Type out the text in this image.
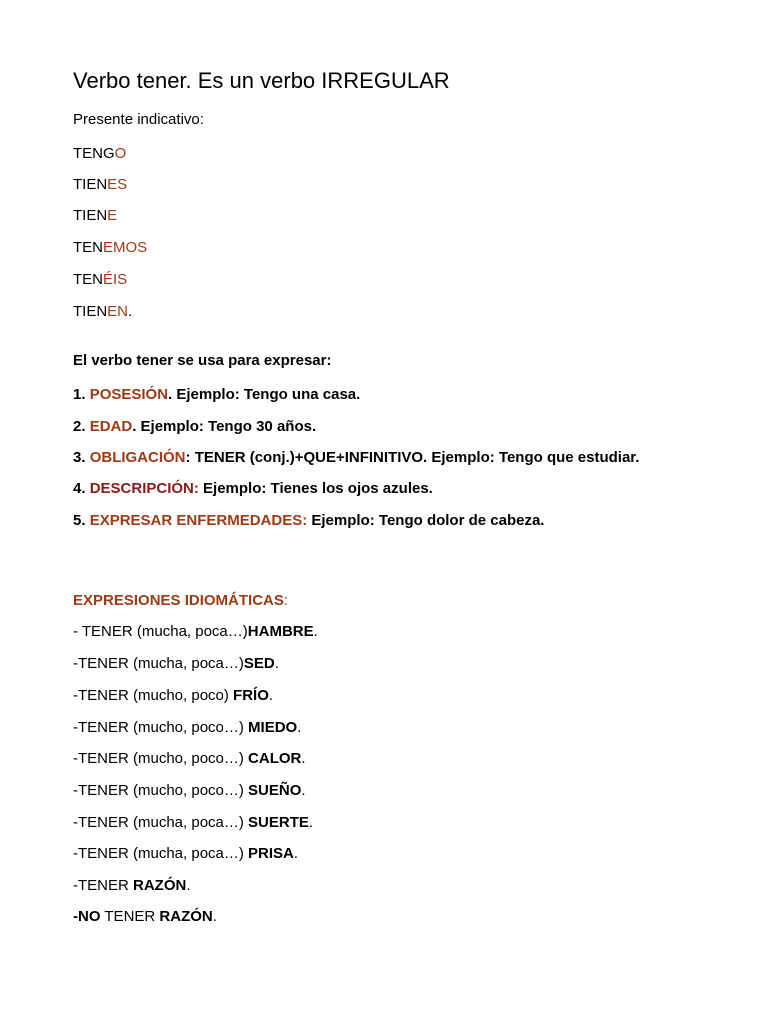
Verbo tener. Es un verbo IRREGULAR
Presente indicativo:
TENGO
TIENES
TIENE
TENEMOS
TENÉIS
TIENEN.
El verbo tener se usa para expresar:
1. POSESIÓN. Ejemplo: Tengo una casa.
2. EDAD. Ejemplo: Tengo 30 años.
3. OBLIGACIÓN: TENER (conj.)+QUE+INFINITIVO. Ejemplo: Tengo que estudiar.
4. DESCRIPCIÓN: Ejemplo: Tienes los ojos azules.
5. EXPRESAR ENFERMEDADES: Ejemplo: Tengo dolor de cabeza.
EXPRESIONES IDIOMÁTICAS:
- TENER (mucha, poca…)HAMBRE.
-TENER (mucha, poca…)SED.
-TENER (mucho, poco) FRÍO.
-TENER (mucho, poco…) MIEDO.
-TENER (mucho, poco…) CALOR.
-TENER (mucho, poco…) SUEÑO.
-TENER (mucha, poca…) SUERTE.
-TENER (mucha, poca…) PRISA.
-TENER RAZÓN.
-NO TENER RAZÓN.
